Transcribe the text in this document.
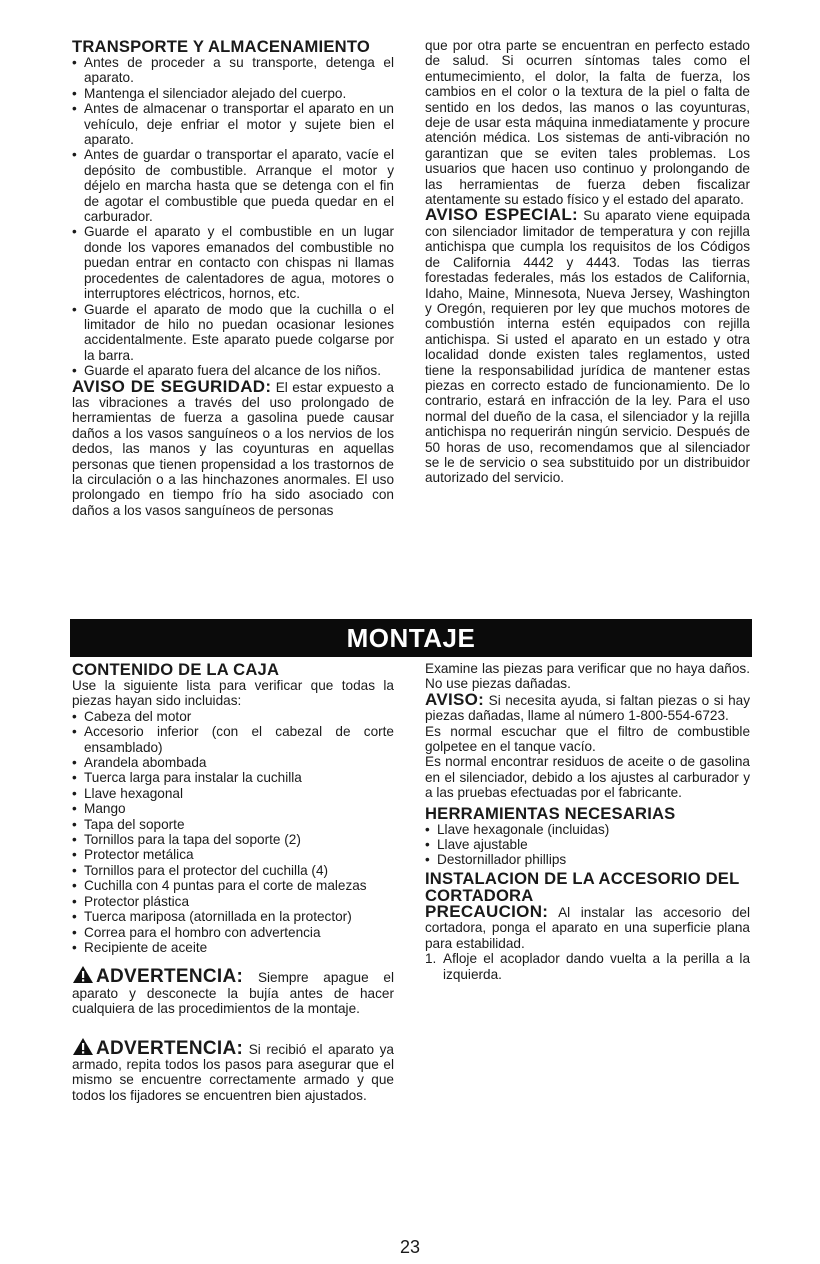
TRANSPORTE Y ALMACENAMIENTO
• Antes de proceder a su transporte, detenga el aparato.
• Mantenga el silenciador alejado del cuerpo.
• Antes de almacenar o transportar el aparato en un vehículo, deje enfriar el motor y sujete bien el aparato.
• Antes de guardar o transportar el aparato, vacíe el depósito de combustible. Arranque el motor y déjelo en marcha hasta que se detenga con el fin de agotar el combustible que pueda quedar en el carburador.
• Guarde el aparato y el combustible en un lugar donde los vapores emanados del combustible no puedan entrar en contacto con chispas ni llamas procedentes de calentadores de agua, motores o interruptores eléctricos, hornos, etc.
• Guarde el aparato de modo que la cuchilla o el limitador de hilo no puedan ocasionar lesiones accidentalmente. Este aparato puede colgarse por la barra.
• Guarde el aparato fuera del alcance de los niños.

AVISO DE SEGURIDAD: El estar expuesto a las vibraciones a través del uso prolongado de herramientas de fuerza a gasolina puede causar daños a los vasos sanguíneos o a los nervios de los dedos, las manos y las coyunturas en aquellas personas que tienen propensidad a los trastornos de la circulación o a las hinchazones anormales. El uso prolongado en tiempo frío ha sido asociado con daños a los vasos sanguíneos de personas

que por otra parte se encuentran en perfecto estado de salud. Si ocurren síntomas tales como el entumecimiento, el dolor, la falta de fuerza, los cambios en el color o la textura de la piel o falta de sentido en los dedos, las manos o las coyunturas, deje de usar esta máquina inmediatamente y procure atención médica. Los sistemas de anti-vibración no garantizan que se eviten tales problemas. Los usuarios que hacen uso continuo y prolongando de las herramientas de fuerza deben fiscalizar atentamente su estado físico y el estado del aparato.

AVISO ESPECIAL: Su aparato viene equipada con silenciador limitador de temperatura y con rejilla antichispa que cumpla los requisitos de los Códigos de California 4442 y 4443. Todas las tierras forestadas federales, más los estados de California, Idaho, Maine, Minnesota, Nueva Jersey, Washington y Oregón, requieren por ley que muchos motores de combustión interna estén equipados con rejilla antichispa. Si usted el aparato en un estado y otra localidad donde existen tales reglamentos, usted tiene la responsabilidad jurídica de mantener estas piezas en correcto estado de funcionamiento. De lo contrario, estará en infracción de la ley. Para el uso normal del dueño de la casa, el silenciador y la rejilla antichispa no requerirán ningún servicio. Después de 50 horas de uso, recomendamos que al silenciador se le de servicio o sea substituido por un distribuidor autorizado del servicio.

MONTAJE
CONTENIDO DE LA CAJA

Use la siguiente lista para verificar que todas la piezas hayan sido incluidas:

• Cabeza del motor
• Accesorio inferior (con el cabezal de corte ensamblado)
• Arandela abombada
• Tuerca larga para instalar la cuchilla
• Llave hexagonal
• Mango
• Tapa del soporte
• Tornillos para la tapa del soporte (2)
• Protector metálica
• Tornillos para el protector del cuchilla (4)
• Cuchilla con 4 puntas para el corte de malezas
• Protector plástica
• Tuerca mariposa (atornillada en la protector)
• Correa para el hombro con advertencia
• Recipiente de aceite

ADVERTENCIA: Siempre apague el aparato y desconecte la bujía antes de hacer cualquiera de las procedimientos de la montaje.

ADVERTENCIA: Si recibió el aparato ya armado, repita todos los pasos para asegurar que el mismo se encuentre correctamente armado y que todos los fijadores se encuentren bien ajustados.

Examine las piezas para verificar que no haya daños. No use piezas dañadas.

AVISO: Si necesita ayuda, si faltan piezas o si hay piezas dañadas, llame al número 1-800-554-6723.

Es normal escuchar que el filtro de combustible golpetee en el tanque vacío.

Es normal encontrar residuos de aceite o de gasolina en el silenciador, debido a los ajustes al carburador y a las pruebas efectuadas por el fabricante.

HERRAMIENTAS NECESARIAS
• Llave hexagonale (incluidas)
• Llave ajustable
• Destornillador phillips
INSTALACION DE LA ACCESORIO DEL CORTADORA

PRECAUCION: Al instalar las accesorio del cortadora, ponga el aparato en una superficie plana para estabilidad.

1. Afloje el acoplador dando vuelta a la perilla a la izquierda.
23
